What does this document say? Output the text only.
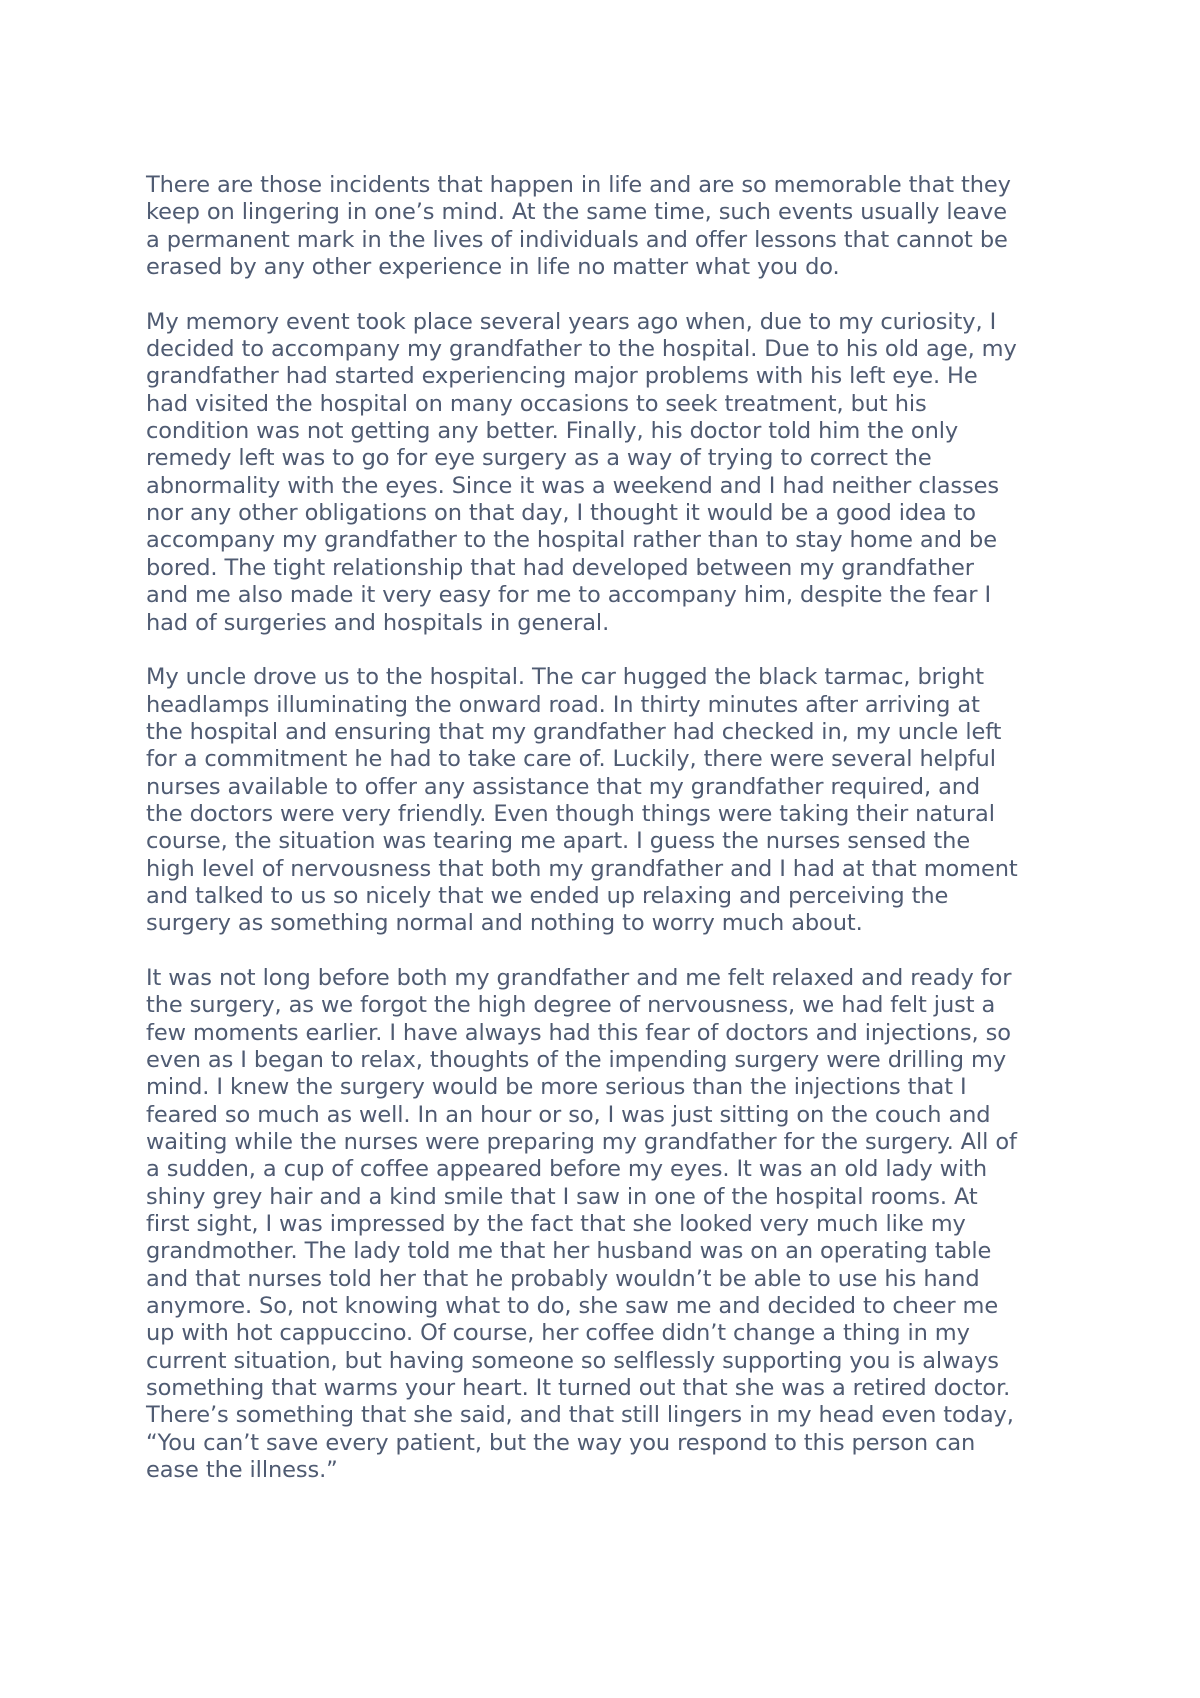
There are those incidents that happen in life and are so memorable that they
keep on lingering in one’s mind. At the same time, such events usually leave
a permanent mark in the lives of individuals and offer lessons that cannot be
erased by any other experience in life no matter what you do.
My memory event took place several years ago when, due to my curiosity, I
decided to accompany my grandfather to the hospital. Due to his old age, my
grandfather had started experiencing major problems with his left eye. He
had visited the hospital on many occasions to seek treatment, but his
condition was not getting any better. Finally, his doctor told him the only
remedy left was to go for eye surgery as a way of trying to correct the
abnormality with the eyes. Since it was a weekend and I had neither classes
nor any other obligations on that day, I thought it would be a good idea to
accompany my grandfather to the hospital rather than to stay home and be
bored. The tight relationship that had developed between my grandfather
and me also made it very easy for me to accompany him, despite the fear I
had of surgeries and hospitals in general.
My uncle drove us to the hospital. The car hugged the black tarmac, bright
headlamps illuminating the onward road. In thirty minutes after arriving at
the hospital and ensuring that my grandfather had checked in, my uncle left
for a commitment he had to take care of. Luckily, there were several helpful
nurses available to offer any assistance that my grandfather required, and
the doctors were very friendly. Even though things were taking their natural
course, the situation was tearing me apart. I guess the nurses sensed the
high level of nervousness that both my grandfather and I had at that moment
and talked to us so nicely that we ended up relaxing and perceiving the
surgery as something normal and nothing to worry much about.
It was not long before both my grandfather and me felt relaxed and ready for
the surgery, as we forgot the high degree of nervousness, we had felt just a
few moments earlier. I have always had this fear of doctors and injections, so
even as I began to relax, thoughts of the impending surgery were drilling my
mind. I knew the surgery would be more serious than the injections that I
feared so much as well. In an hour or so, I was just sitting on the couch and
waiting while the nurses were preparing my grandfather for the surgery. All of
a sudden, a cup of coffee appeared before my eyes. It was an old lady with
shiny grey hair and a kind smile that I saw in one of the hospital rooms. At
first sight, I was impressed by the fact that she looked very much like my
grandmother. The lady told me that her husband was on an operating table
and that nurses told her that he probably wouldn’t be able to use his hand
anymore. So, not knowing what to do, she saw me and decided to cheer me
up with hot cappuccino. Of course, her coffee didn’t change a thing in my
current situation, but having someone so selflessly supporting you is always
something that warms your heart. It turned out that she was a retired doctor.
There’s something that she said, and that still lingers in my head even today,
“You can’t save every patient, but the way you respond to this person can
ease the illness.”
